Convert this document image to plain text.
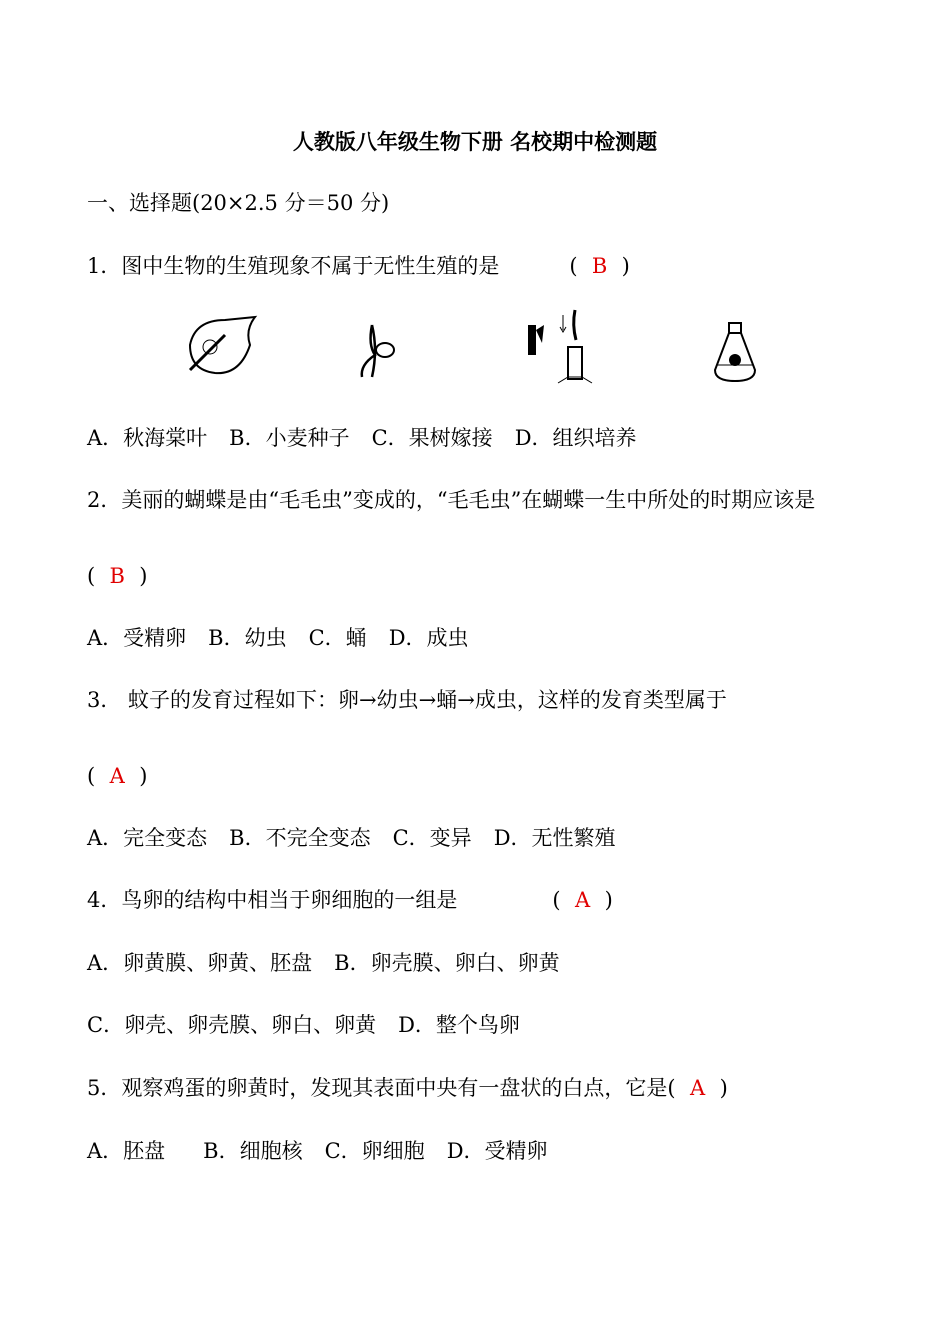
人教版八年级生物下册 名校期中检测题
一、选择题(20×2.5 分＝50 分)
1．图中生物的生殖现象不属于无性生殖的是	( B )
A．秋海棠叶 B．小麦种子 C．果树嫁接 D．组织培养
2．美丽的蝴蝶是由“毛毛虫”变成的，“毛毛虫”在蝴蝶一生中所处的时期应该是
( B )
A．受精卵 B．幼虫 C．蛹 D．成虫
3． 蚊子的发育过程如下：卵→幼虫→蛹→成虫，这样的发育类型属于
( A )
A．完全变态 B．不完全变态 C．变异 D．无性繁殖
4．鸟卵的结构中相当于卵细胞的一组是	( A )
A．卵黄膜、卵黄、胚盘 B．卵壳膜、卵白、卵黄
C．卵壳、卵壳膜、卵白、卵黄 D．整个鸟卵
5．观察鸡蛋的卵黄时，发现其表面中央有一盘状的白点，它是( A )
A．胚盘 B．细胞核 C．卵细胞 D．受精卵
